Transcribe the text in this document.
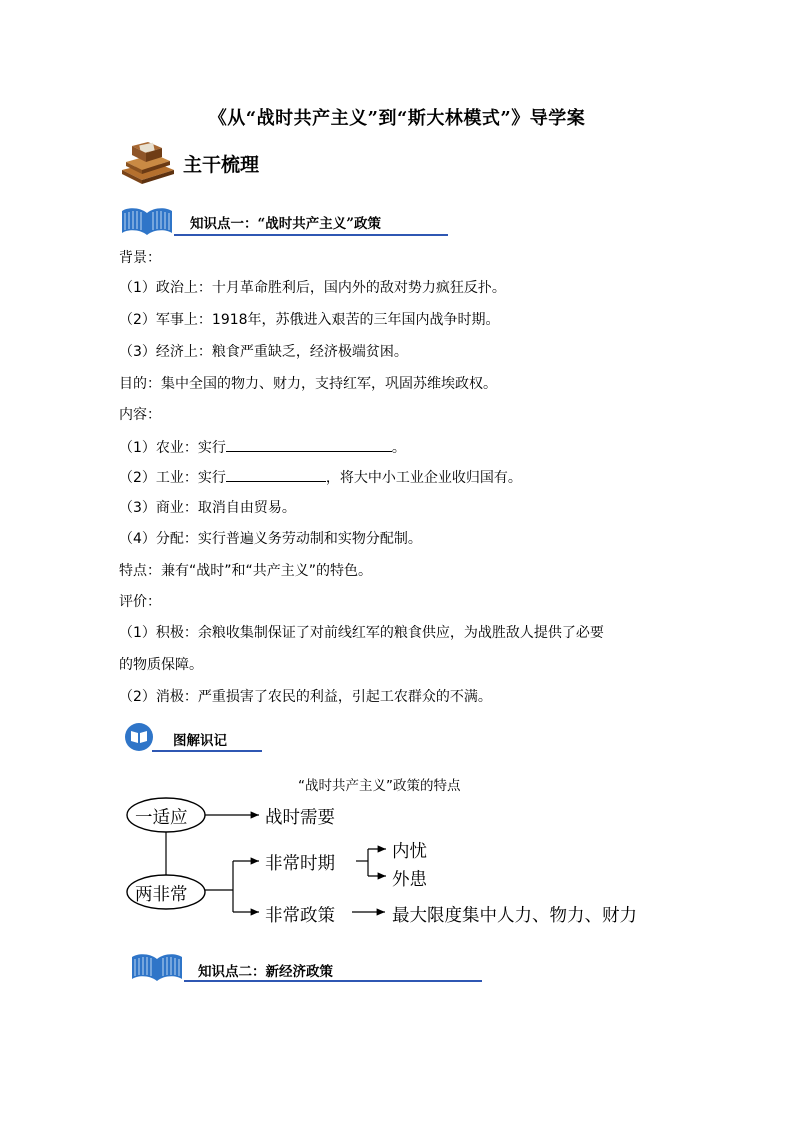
《从“战时共产主义”到“斯大林模式”》导学案
主干梳理
知识点一：“战时共产主义”政策
背景：
（1）政治上：十月革命胜利后，国内外的敌对势力疯狂反扑。
（2）军事上：1918年，苏俄进入艰苦的三年国内战争时期。
（3）经济上：粮食严重缺乏，经济极端贫困。
目的：集中全国的物力、财力，支持红军，巩固苏维埃政权。
内容：
（1）农业：实行	。
（2）工业：实行	，将大中小工业企业收归国有。
（3）商业：取消自由贸易。
（4）分配：实行普遍义务劳动制和实物分配制。
特点：兼有“战时”和“共产主义”的特色。
评价：
（1）积极：余粮收集制保证了对前线红军的粮食供应，为战胜敌人提供了必要
的物质保障。
（2）消极：严重损害了农民的利益，引起工农群众的不满。
图解识记
“战时共产主义”政策的特点
一适应	战时需要
两非常
非常时期
内忧
外患
非常政策	最大限度集中人力、物力、财力
知识点二：新经济政策
